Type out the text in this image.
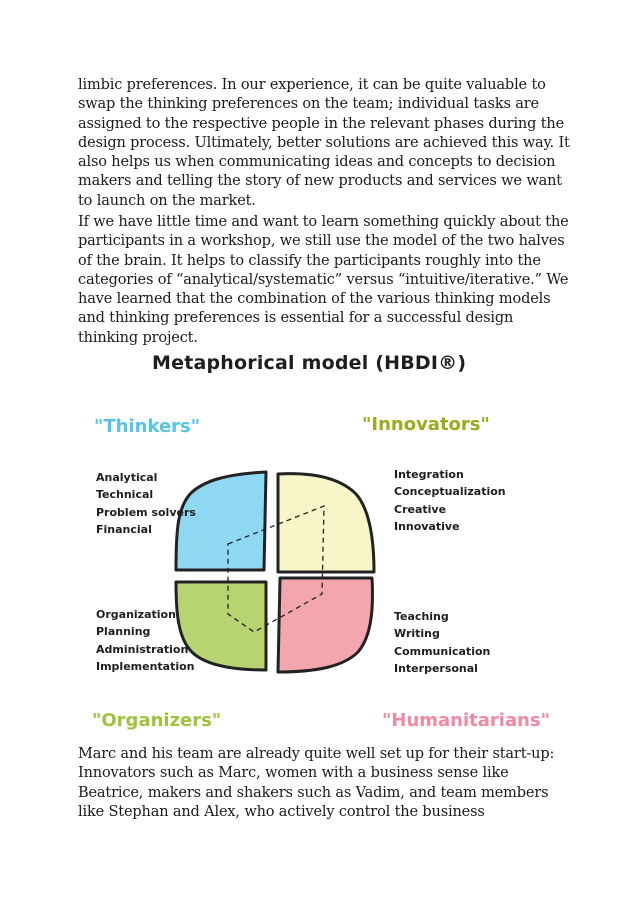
limbic preferences. In our experience, it can be quite valuable to
swap the thinking preferences on the team; individual tasks are
assigned to the respective people in the relevant phases during the
design process. Ultimately, better solutions are achieved this way. It
also helps us when communicating ideas and concepts to decision
makers and telling the story of new products and services we want
to launch on the market.
If we have little time and want to learn something quickly about the
participants in a workshop, we still use the model of the two halves
of the brain. It helps to classify the participants roughly into the
categories of “analytical/systematic” versus “intuitive/iterative.” We
have learned that the combination of the various thinking models
and thinking preferences is essential for a successful design
thinking project.
Metaphorical model (HBDI®)
"Thinkers"	"Innovators"
"Organizers"	"Humanitarians"
Analytical
Technical
Problem solvers
Financial
Integration
Conceptualization
Creative
Innovative
Organization
Planning
Administration
Implementation
Teaching
Writing
Communication
Interpersonal
Marc and his team are already quite well set up for their start-up:
Innovators such as Marc, women with a business sense like
Beatrice, makers and shakers such as Vadim, and team members
like Stephan and Alex, who actively control the business
